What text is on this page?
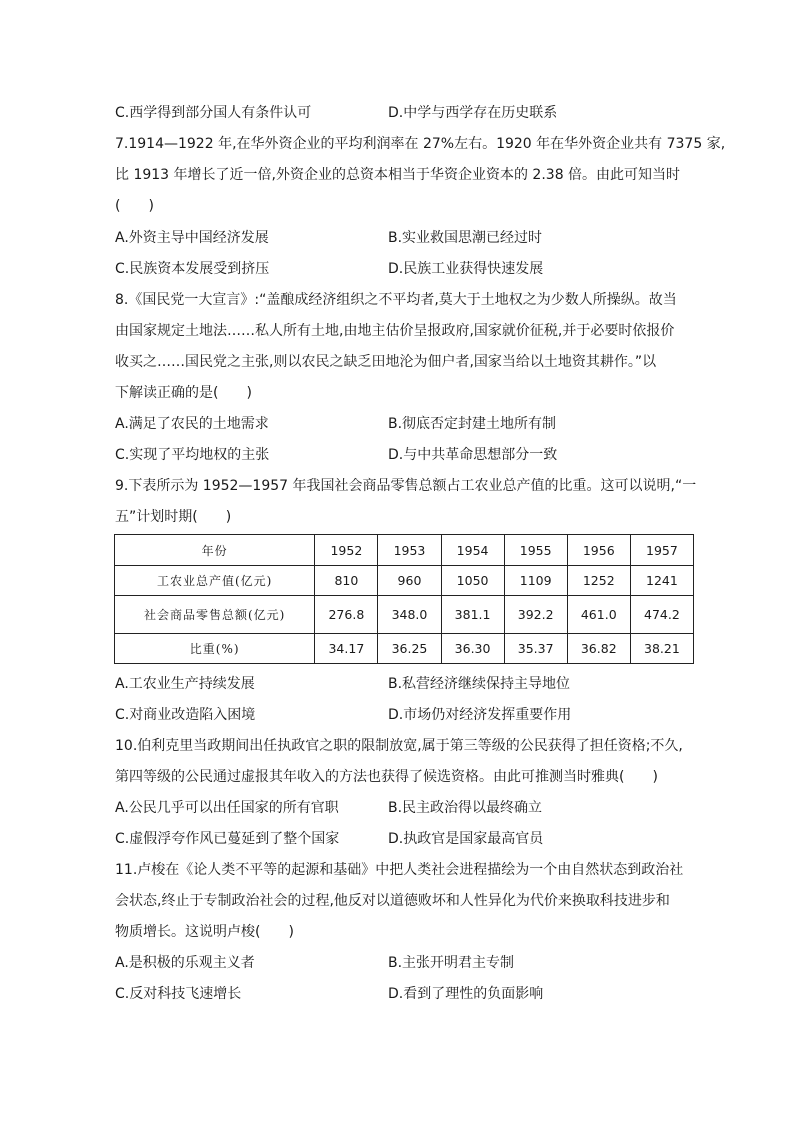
C.西学得到部分国人有条件认可	D.中学与西学存在历史联系
7.1914—1922 年,在华外资企业的平均利润率在 27%左右。1920 年在华外资企业共有 7375 家,
比 1913 年增长了近一倍,外资企业的总资本相当于华资企业资本的 2.38 倍。由此可知当时
(　　)
A.外资主导中国经济发展	B.实业救国思潮已经过时
C.民族资本发展受到挤压	D.民族工业获得快速发展
8.《国民党一大宣言》:“盖酿成经济组织之不平均者,莫大于土地权之为少数人所操纵。故当
由国家规定土地法……私人所有土地,由地主估价呈报政府,国家就价征税,并于必要时依报价
收买之……国民党之主张,则以农民之缺乏田地沦为佃户者,国家当给以土地资其耕作。”以
下解读正确的是(　　)
A.满足了农民的土地需求	B.彻底否定封建土地所有制
C.实现了平均地权的主张	D.与中共革命思想部分一致
9.下表所示为 1952—1957 年我国社会商品零售总额占工农业总产值的比重。这可以说明,“一
五”计划时期(　　)
年份	1952	1953	1954	1955	1956	1957
工农业总产值(亿元)	810	960	1050	1109	1252	1241
社会商品零售总额(亿元)	276.8	348.0	381.1	392.2	461.0	474.2
比重(%)	34.17	36.25	36.30	35.37	36.82	38.21
A.工农业生产持续发展	B.私营经济继续保持主导地位
C.对商业改造陷入困境	D.市场仍对经济发挥重要作用
10.伯利克里当政期间出任执政官之职的限制放宽,属于第三等级的公民获得了担任资格;不久,
第四等级的公民通过虚报其年收入的方法也获得了候选资格。由此可推测当时雅典(　　)
A.公民几乎可以出任国家的所有官职	B.民主政治得以最终确立
C.虚假浮夸作风已蔓延到了整个国家	D.执政官是国家最高官员
11.卢梭在《论人类不平等的起源和基础》中把人类社会进程描绘为一个由自然状态到政治社
会状态,终止于专制政治社会的过程,他反对以道德败坏和人性异化为代价来换取科技进步和
物质增长。这说明卢梭(　　)
A.是积极的乐观主义者	B.主张开明君主专制
C.反对科技飞速增长	D.看到了理性的负面影响
